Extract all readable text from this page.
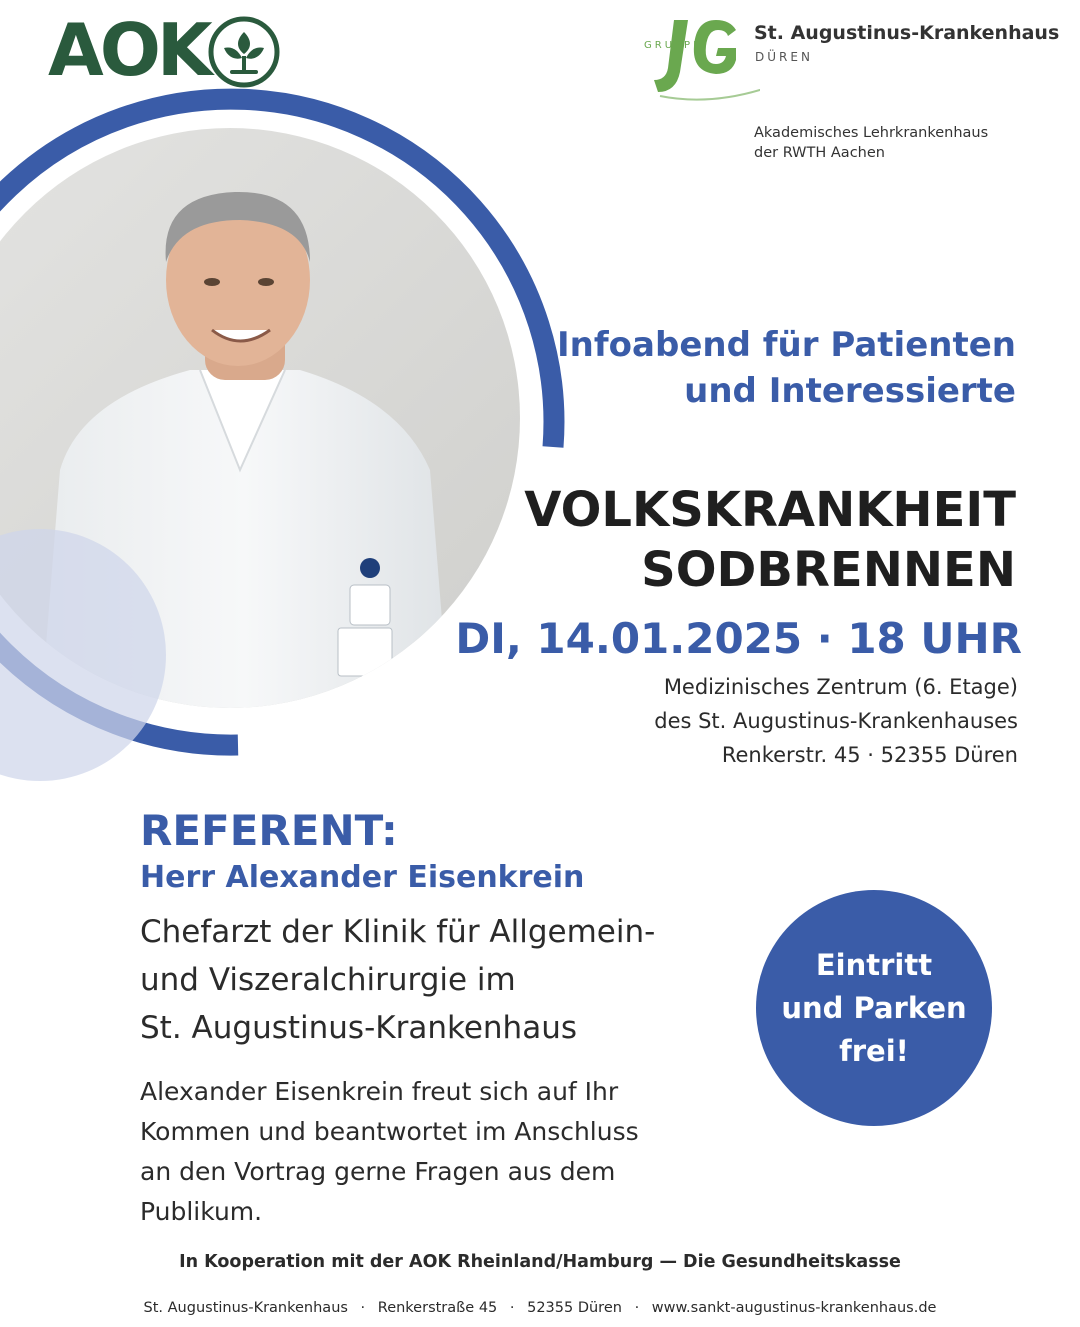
AOK	GRUPPE
St. Augustinus-Krankenhaus
DÜREN
Akademisches Lehrkrankenhaus
der RWTH Aachen
Infoabend für Patienten
und Interessierte
VOLKSKRANKHEIT
SODBRENNEN
DI, 14.01.2025 · 18 UHR
Medizinisches Zentrum (6. Etage)
des St. Augustinus-Krankenhauses
Renkerstr. 45 · 52355 Düren
REFERENT:
Herr Alexander Eisenkrein
Chefarzt der Klinik für Allgemein-
und Viszeralchirurgie im
St. Augustinus-Krankenhaus
Alexander Eisenkrein freut sich auf Ihr
Kommen und beantwortet im Anschluss
an den Vortrag gerne Fragen aus dem
Publikum.
Eintritt
und Parken
frei!
In Kooperation mit der AOK Rheinland/Hamburg — Die Gesundheitskasse
St. Augustinus-Krankenhaus · Renkerstraße 45 · 52355 Düren · www.sankt-augustinus-krankenhaus.de
